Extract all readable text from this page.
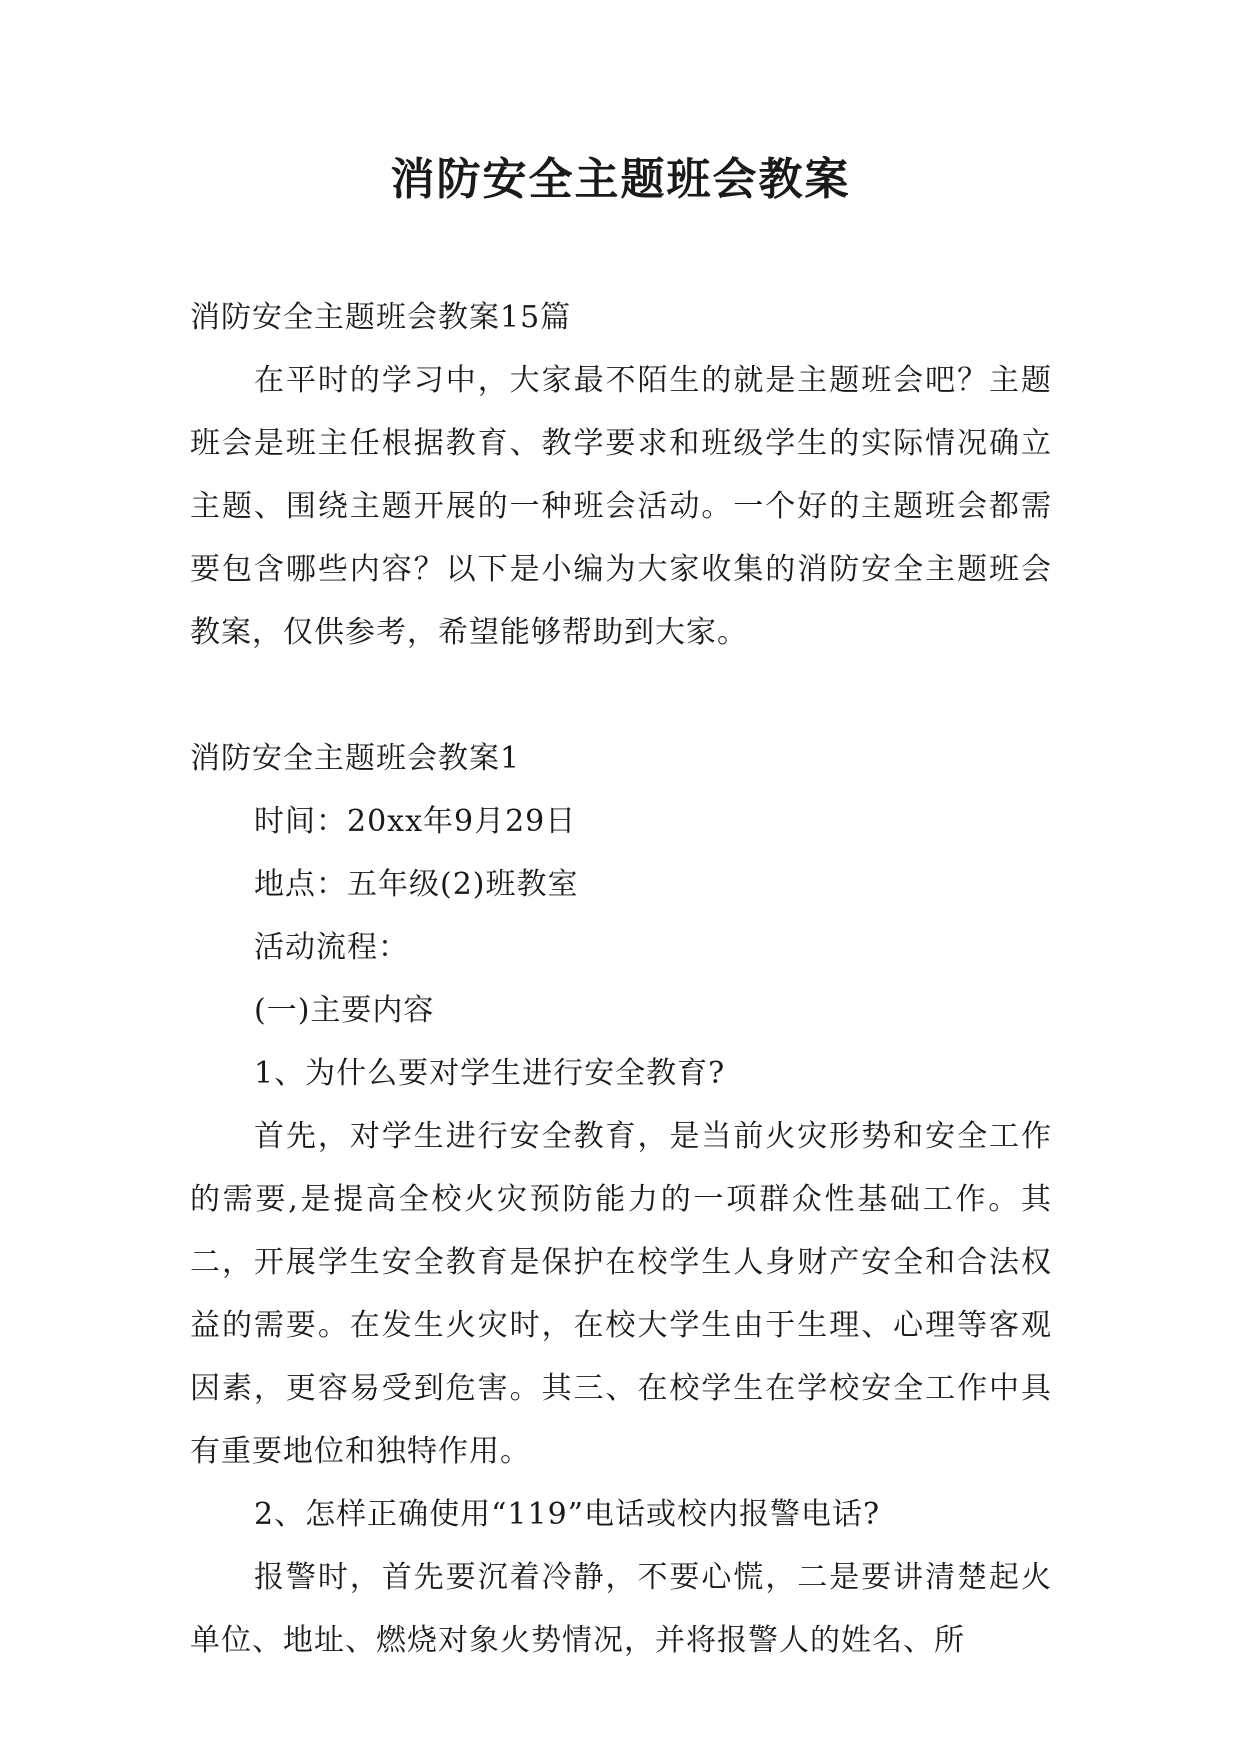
消防安全主题班会教案

消防安全主题班会教案15篇

在平时的学习中，大家最不陌生的就是主题班会吧？主题班会是班主任根据教育、教学要求和班级学生的实际情况确立主题、围绕主题开展的一种班会活动。一个好的主题班会都需要包含哪些内容？以下是小编为大家收集的消防安全主题班会教案，仅供参考，希望能够帮助到大家。

消防安全主题班会教案1

时间：20xx年9月29日

地点：五年级(2)班教室

活动流程：

(一)主要内容

1、为什么要对学生进行安全教育?

首先，对学生进行安全教育，是当前火灾形势和安全工作的需要,是提高全校火灾预防能力的一项群众性基础工作。其二，开展学生安全教育是保护在校学生人身财产安全和合法权益的需要。在发生火灾时，在校大学生由于生理、心理等客观因素，更容易受到危害。其三、在校学生在学校安全工作中具有重要地位和独特作用。

2、怎样正确使用“119”电话或校内报警电话?

报警时，首先要沉着冷静，不要心慌，二是要讲清楚起火单位、地址、燃烧对象火势情况，并将报警人的姓名、所
